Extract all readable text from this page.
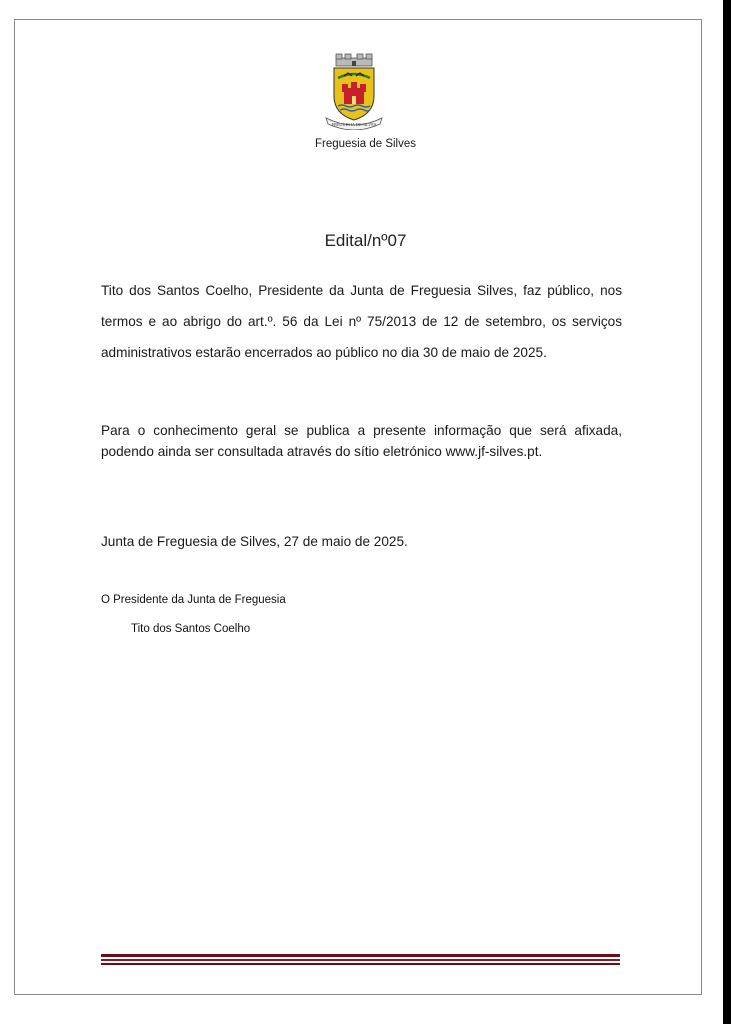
FREGUESIA DE SILVES
Freguesia de Silves
Edital/nº07
Tito dos Santos Coelho, Presidente da Junta de Freguesia Silves, faz público, nos termos e ao abrigo do art.º. 56 da Lei nº 75/2013 de 12 de setembro, os serviços administrativos estarão encerrados ao público no dia 30 de maio de 2025.
Para o conhecimento geral se publica a presente informação que será afixada, podendo ainda ser consultada através do sítio eletrónico www.jf-silves.pt.
Junta de Freguesia de Silves, 27 de maio de 2025.
O Presidente da Junta de Freguesia
Tito dos Santos Coelho
